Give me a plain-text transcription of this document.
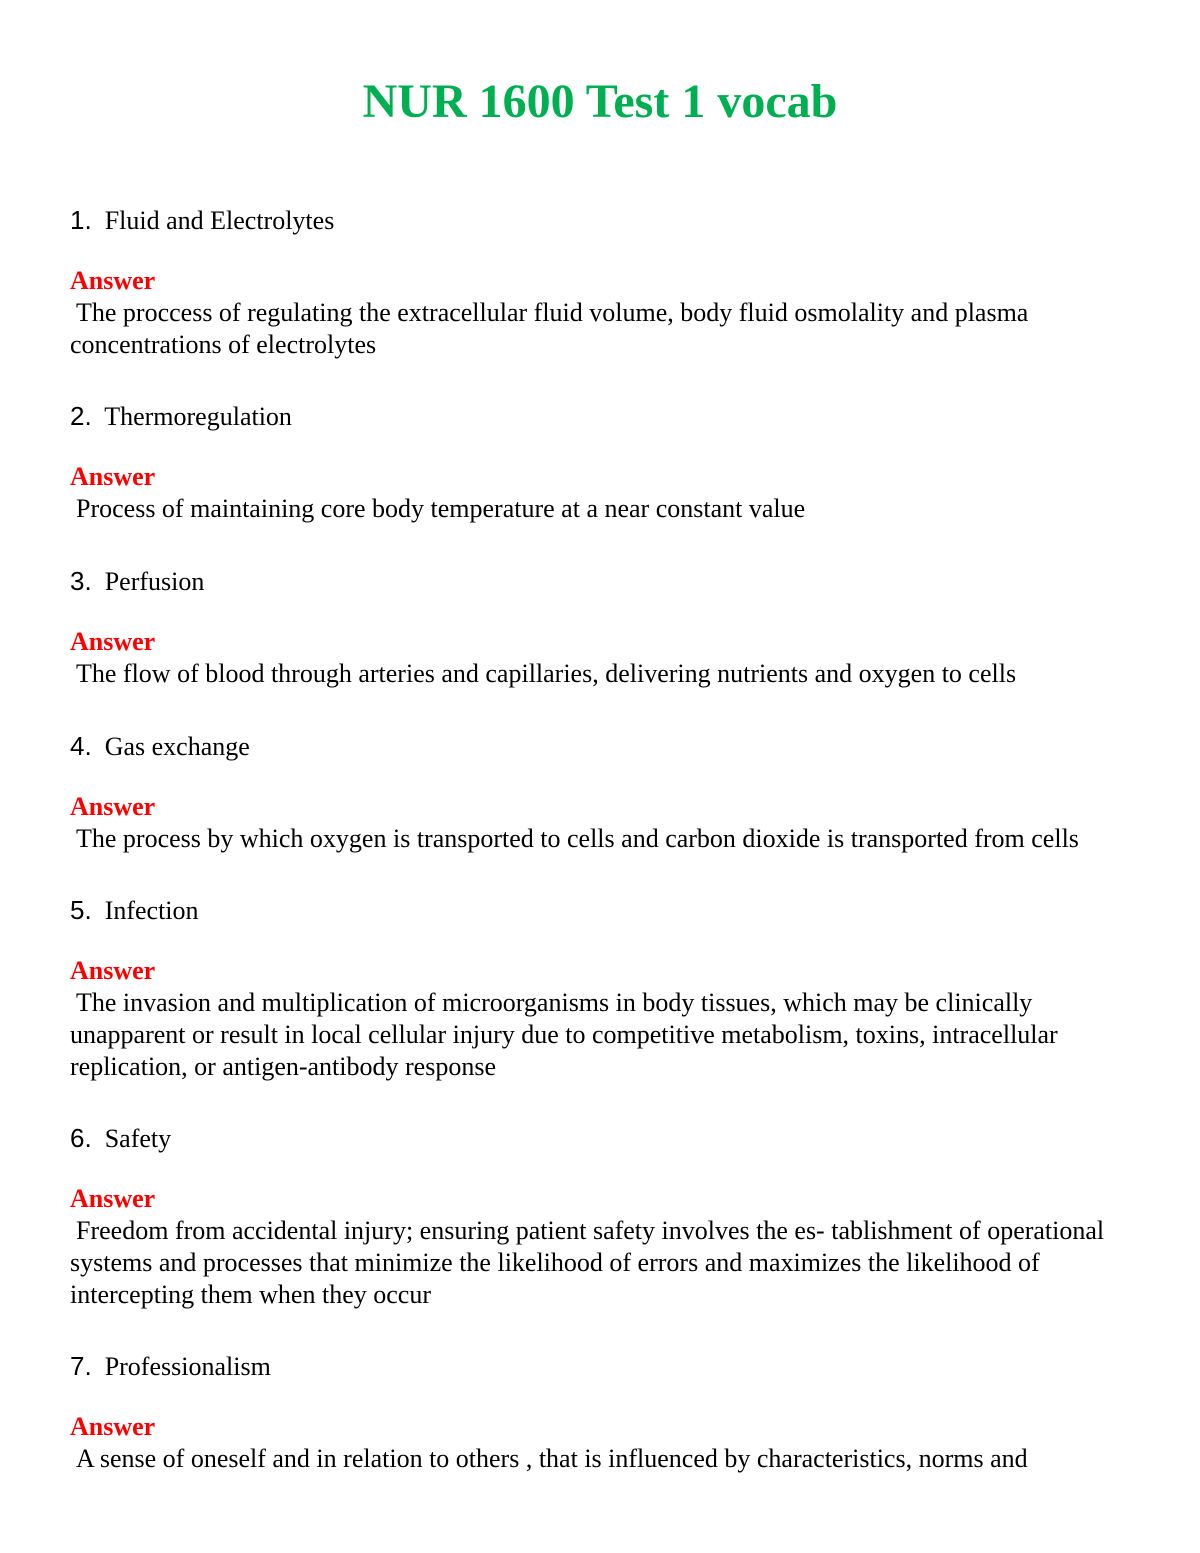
NUR 1600 Test 1 vocab
1. Fluid and Electrolytes
Answer

The proccess of regulating the extracellular fluid volume, body fluid osmolality and plasma concentrations of electrolytes

2. Thermoregulation
Answer

Process of maintaining core body temperature at a near constant value

3. Perfusion
Answer

The flow of blood through arteries and capillaries, delivering nutrients and oxygen to cells

4. Gas exchange
Answer

The process by which oxygen is transported to cells and carbon dioxide is transported from cells

5. Infection
Answer

The invasion and multiplication of microorganisms in body tissues, which may be clinically unapparent or result in local cellular injury due to competitive metabolism, toxins, intracellular replication, or antigen-antibody response

6. Safety
Answer

Freedom from accidental injury; ensuring patient safety involves the es- tablishment of operational systems and processes that minimize the likelihood of errors and maximizes the likelihood of intercepting them when they occur

7. Professionalism
Answer

A sense of oneself and in relation to others , that is influenced by characteristics, norms and
